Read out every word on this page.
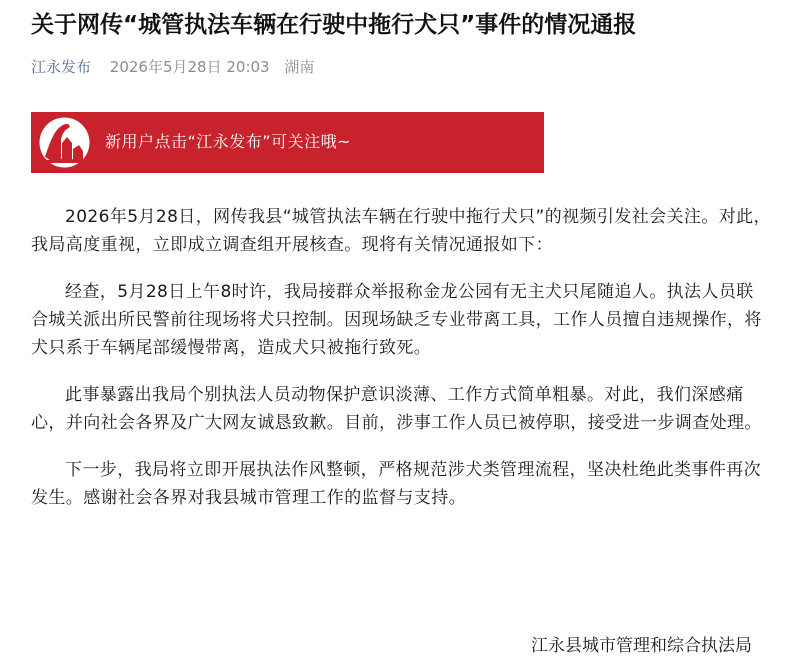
关于网传“城管执法车辆在行驶中拖行犬只”事件的情况通报
江永发布 2026年5月28日 20:03 湖南
新用户点击“江永发布”可关注哦~

2026年5月28日，网传我县“城管执法车辆在行驶中拖行犬只”的视频引发社会关注。对此，我局高度重视，立即成立调查组开展核查。现将有关情况通报如下：

经查，5月28日上午8时许，我局接群众举报称金龙公园有无主犬只尾随追人。执法人员联合城关派出所民警前往现场将犬只控制。因现场缺乏专业带离工具，工作人员擅自违规操作，将犬只系于车辆尾部缓慢带离，造成犬只被拖行致死。

此事暴露出我局个别执法人员动物保护意识淡薄、工作方式简单粗暴。对此，我们深感痛心，并向社会各界及广大网友诚恳致歉。目前，涉事工作人员已被停职，接受进一步调查处理。

下一步，我局将立即开展执法作风整顿，严格规范涉犬类管理流程，坚决杜绝此类事件再次发生。感谢社会各界对我县城市管理工作的监督与支持。

江永县城市管理和综合执法局
